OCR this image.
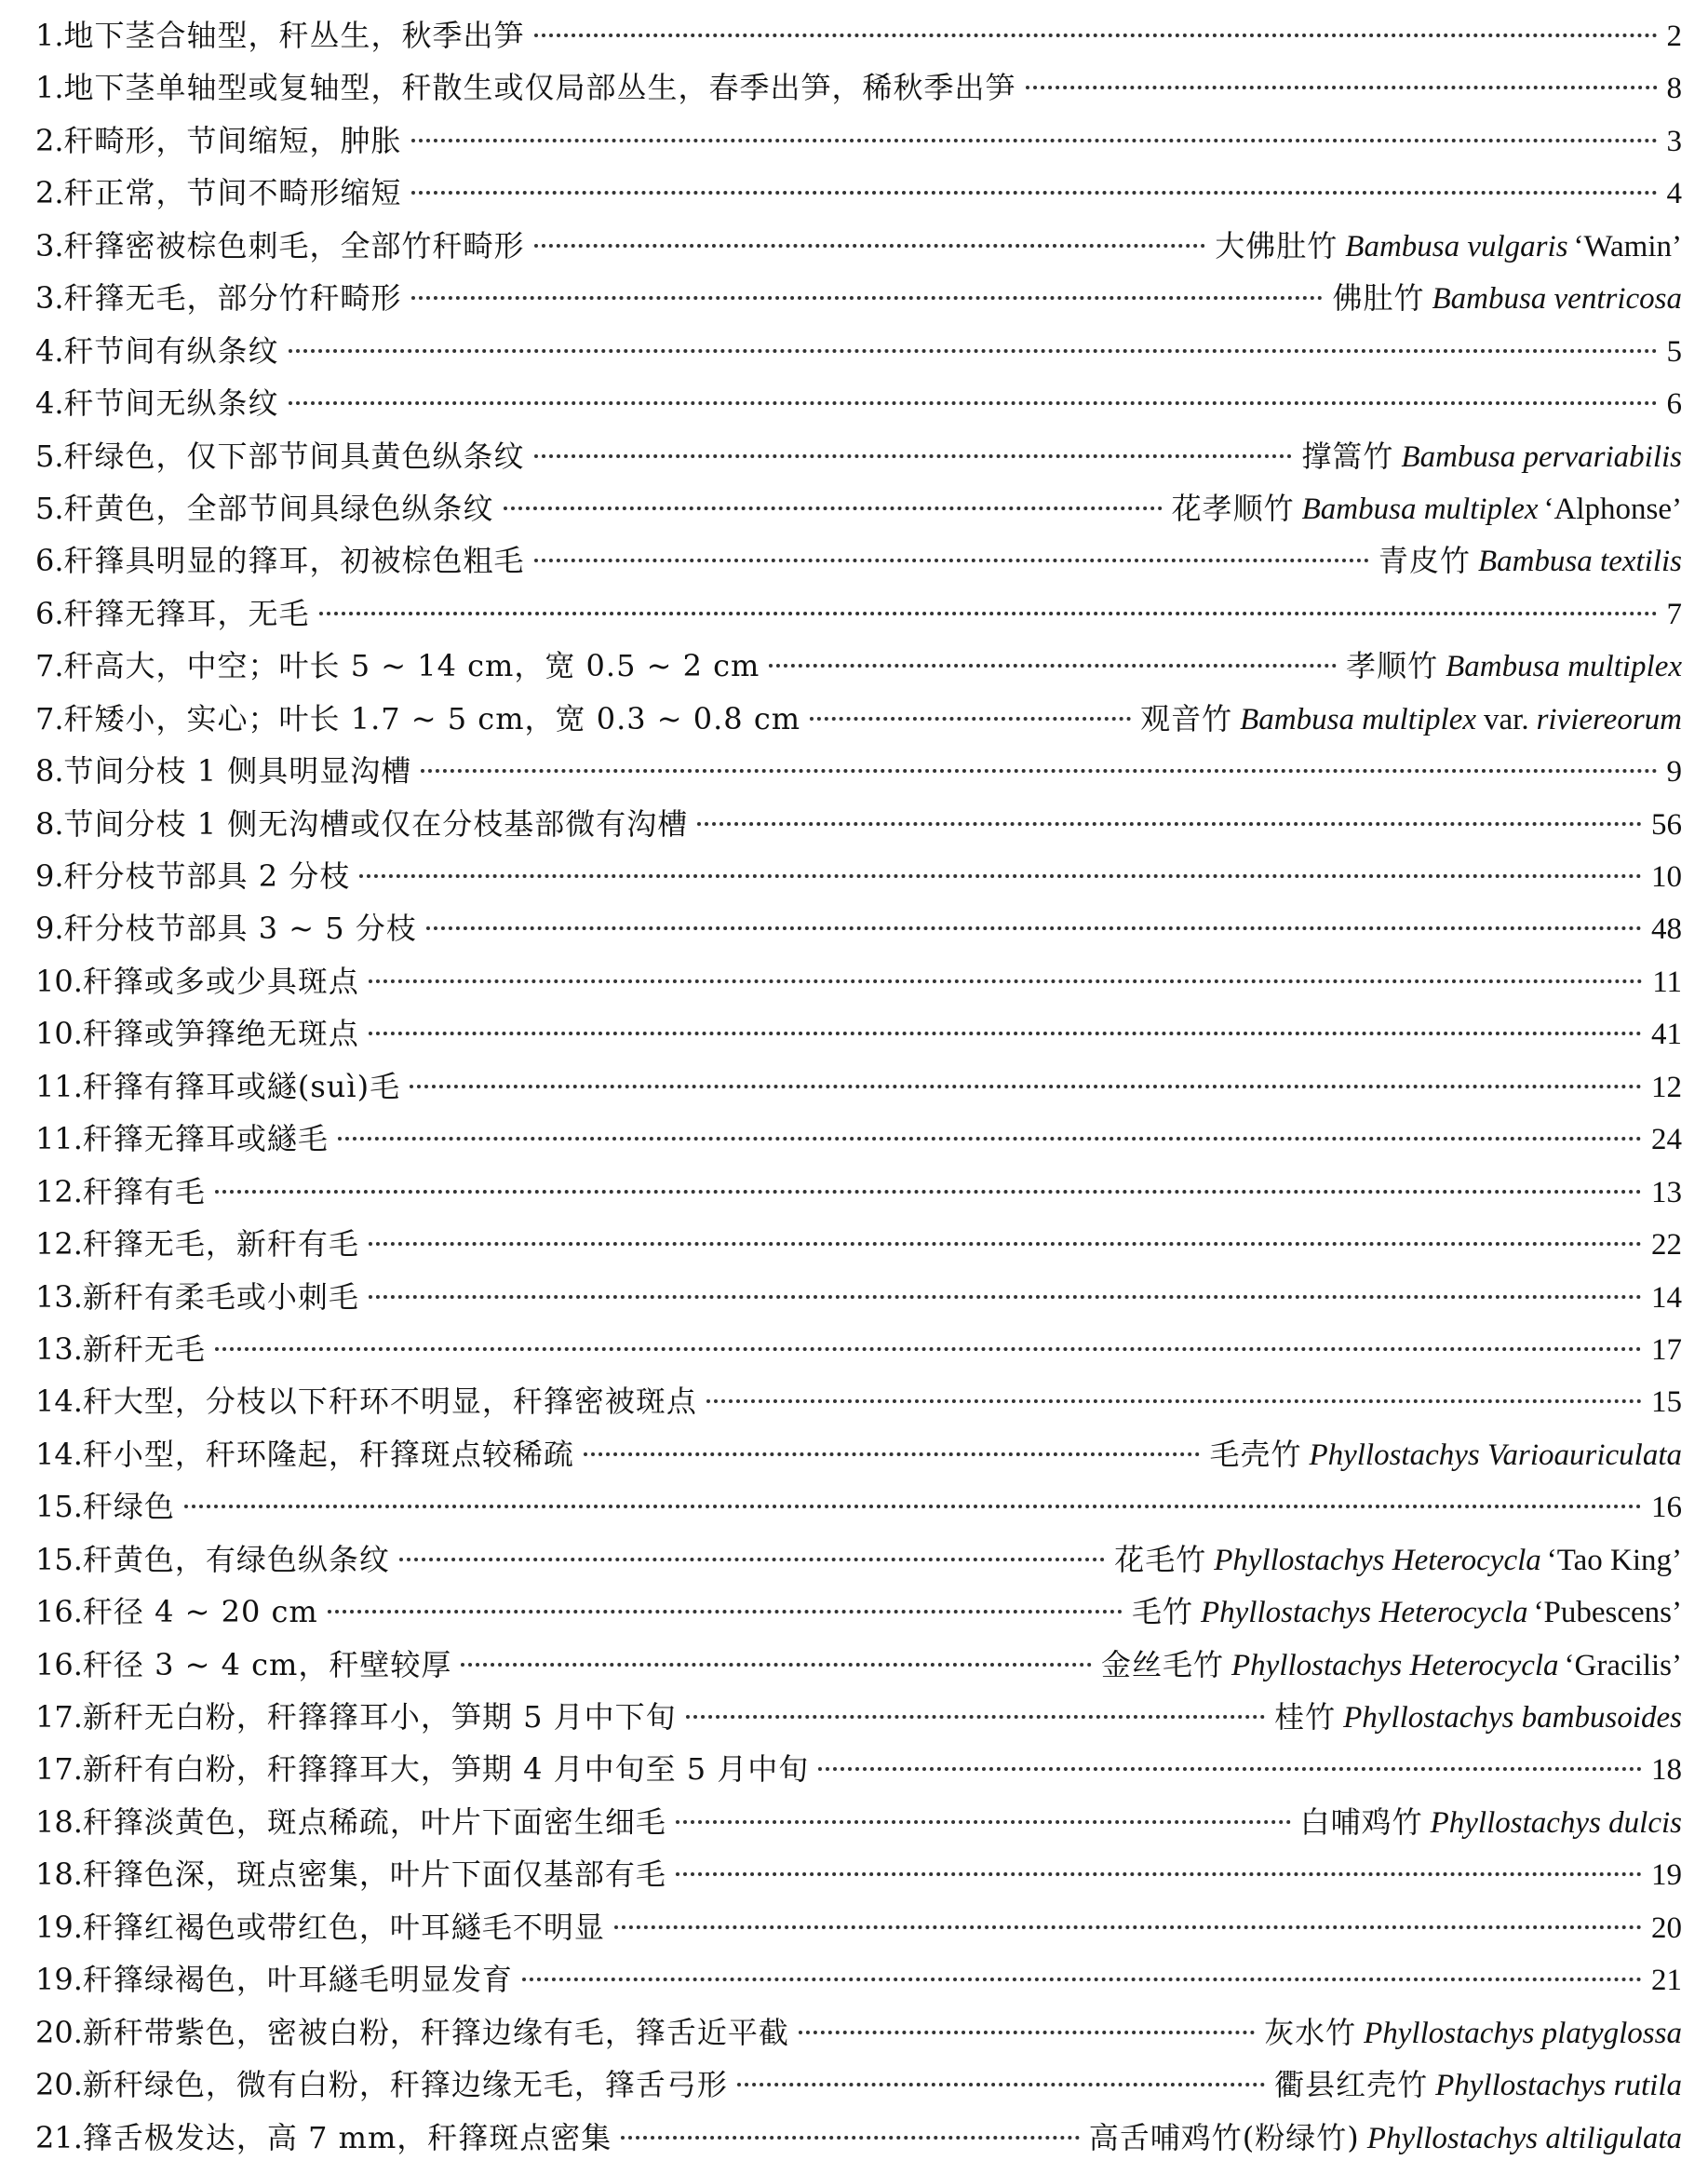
1. 地下茎合轴型，秆丛生，秋季出笋	2
1. 地下茎单轴型或复轴型，秆散生或仅局部丛生，春季出笋，稀秋季出笋	8
2. 秆畸形，节间缩短，肿胀	3
2. 秆正常，节间不畸形缩短	4
3. 秆箨密被棕色刺毛，全部竹秆畸形	大佛肚竹 Bambusa vulgaris ‘Wamin’
3. 秆箨无毛，部分竹秆畸形	佛肚竹 Bambusa ventricosa
4. 秆节间有纵条纹	5
4. 秆节间无纵条纹	6
5. 秆绿色，仅下部节间具黄色纵条纹	撑篙竹 Bambusa pervariabilis
5. 秆黄色，全部节间具绿色纵条纹	花孝顺竹 Bambusa multiplex ‘Alphonse’
6. 秆箨具明显的箨耳，初被棕色粗毛	青皮竹 Bambusa textilis
6. 秆箨无箨耳，无毛	7
7. 秆高大，中空；叶长 5 ~ 14 cm，宽 0.5 ~ 2 cm	孝顺竹 Bambusa multiplex
7. 秆矮小，实心；叶长 1.7 ~ 5 cm，宽 0.3 ~ 0.8 cm	观音竹 Bambusa multiplex var. riviereorum
8. 节间分枝 1 侧具明显沟槽	9
8. 节间分枝 1 侧无沟槽或仅在分枝基部微有沟槽	56
9. 秆分枝节部具 2 分枝	10
9. 秆分枝节部具 3 ~ 5 分枝	48
10. 秆箨或多或少具斑点	11
10. 秆箨或笋箨绝无斑点	41
11. 秆箨有箨耳或繸(suì)毛	12
11. 秆箨无箨耳或繸毛	24
12. 秆箨有毛	13
12. 秆箨无毛，新秆有毛	22
13. 新秆有柔毛或小刺毛	14
13. 新秆无毛	17
14. 秆大型，分枝以下秆环不明显，秆箨密被斑点	15
14. 秆小型，秆环隆起，秆箨斑点较稀疏	毛壳竹 Phyllostachys Varioauriculata
15. 秆绿色	16
15. 秆黄色，有绿色纵条纹	花毛竹 Phyllostachys Heterocycla ‘Tao King’
16. 秆径 4 ~ 20 cm	毛竹 Phyllostachys Heterocycla ‘Pubescens’
16. 秆径 3 ~ 4 cm，秆壁较厚	金丝毛竹 Phyllostachys Heterocycla ‘Gracilis’
17. 新秆无白粉，秆箨箨耳小，笋期 5 月中下旬	桂竹 Phyllostachys bambusoides
17. 新秆有白粉，秆箨箨耳大，笋期 4 月中旬至 5 月中旬	18
18. 秆箨淡黄色，斑点稀疏，叶片下面密生细毛	白哺鸡竹 Phyllostachys dulcis
18. 秆箨色深，斑点密集，叶片下面仅基部有毛	19
19. 秆箨红褐色或带红色，叶耳繸毛不明显	20
19. 秆箨绿褐色，叶耳繸毛明显发育	21
20. 新秆带紫色，密被白粉，秆箨边缘有毛，箨舌近平截	灰水竹 Phyllostachys platyglossa
20. 新秆绿色，微有白粉，秆箨边缘无毛，箨舌弓形	衢县红壳竹 Phyllostachys rutila
21. 箨舌极发达，高 7 mm，秆箨斑点密集	高舌哺鸡竹(粉绿竹) Phyllostachys altiligulata
